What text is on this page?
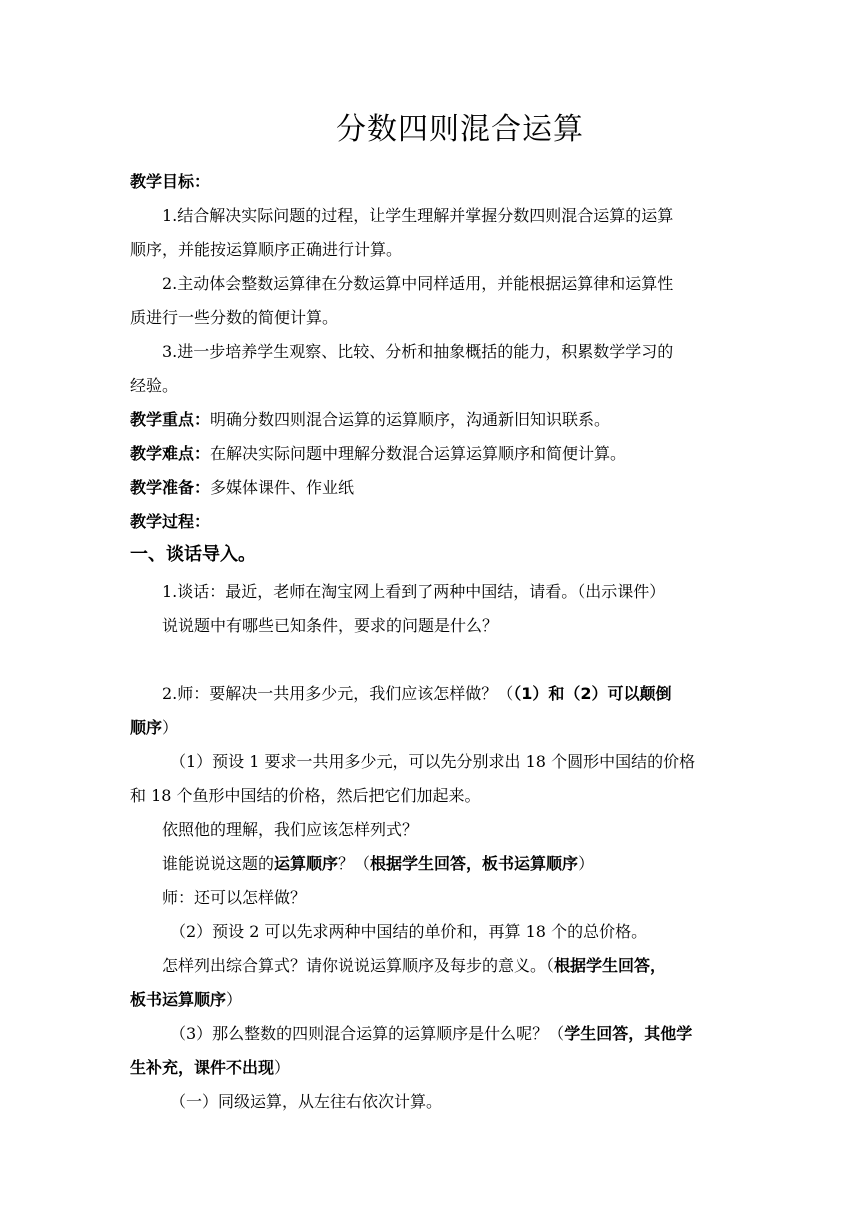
分数四则混合运算
教学目标：
1.结合解决实际问题的过程，让学生理解并掌握分数四则混合运算的运算
顺序，并能按运算顺序正确进行计算。
2.主动体会整数运算律在分数运算中同样适用，并能根据运算律和运算性
质进行一些分数的简便计算。
3.进一步培养学生观察、比较、分析和抽象概括的能力，积累数学学习的
经验。
教学重点：明确分数四则混合运算的运算顺序，沟通新旧知识联系。
教学难点：在解决实际问题中理解分数混合运算运算顺序和简便计算。
教学准备：多媒体课件、作业纸
教学过程：
一、谈话导入。
1.谈话：最近，老师在淘宝网上看到了两种中国结，请看。（出示课件）
说说题中有哪些已知条件，要求的问题是什么？
2.师：要解决一共用多少元，我们应该怎样做？（（1）和（2）可以颠倒
顺序）
（1）预设 1 要求一共用多少元，可以先分别求出 18 个圆形中国结的价格
和 18 个鱼形中国结的价格，然后把它们加起来。
依照他的理解，我们应该怎样列式？
谁能说说这题的运算顺序？（根据学生回答，板书运算顺序）
师：还可以怎样做？
（2）预设 2 可以先求两种中国结的单价和，再算 18 个的总价格。
怎样列出综合算式？请你说说运算顺序及每步的意义。（根据学生回答，
板书运算顺序）
（3）那么整数的四则混合运算的运算顺序是什么呢？（学生回答，其他学
生补充，课件不出现）
（一）同级运算，从左往右依次计算。
